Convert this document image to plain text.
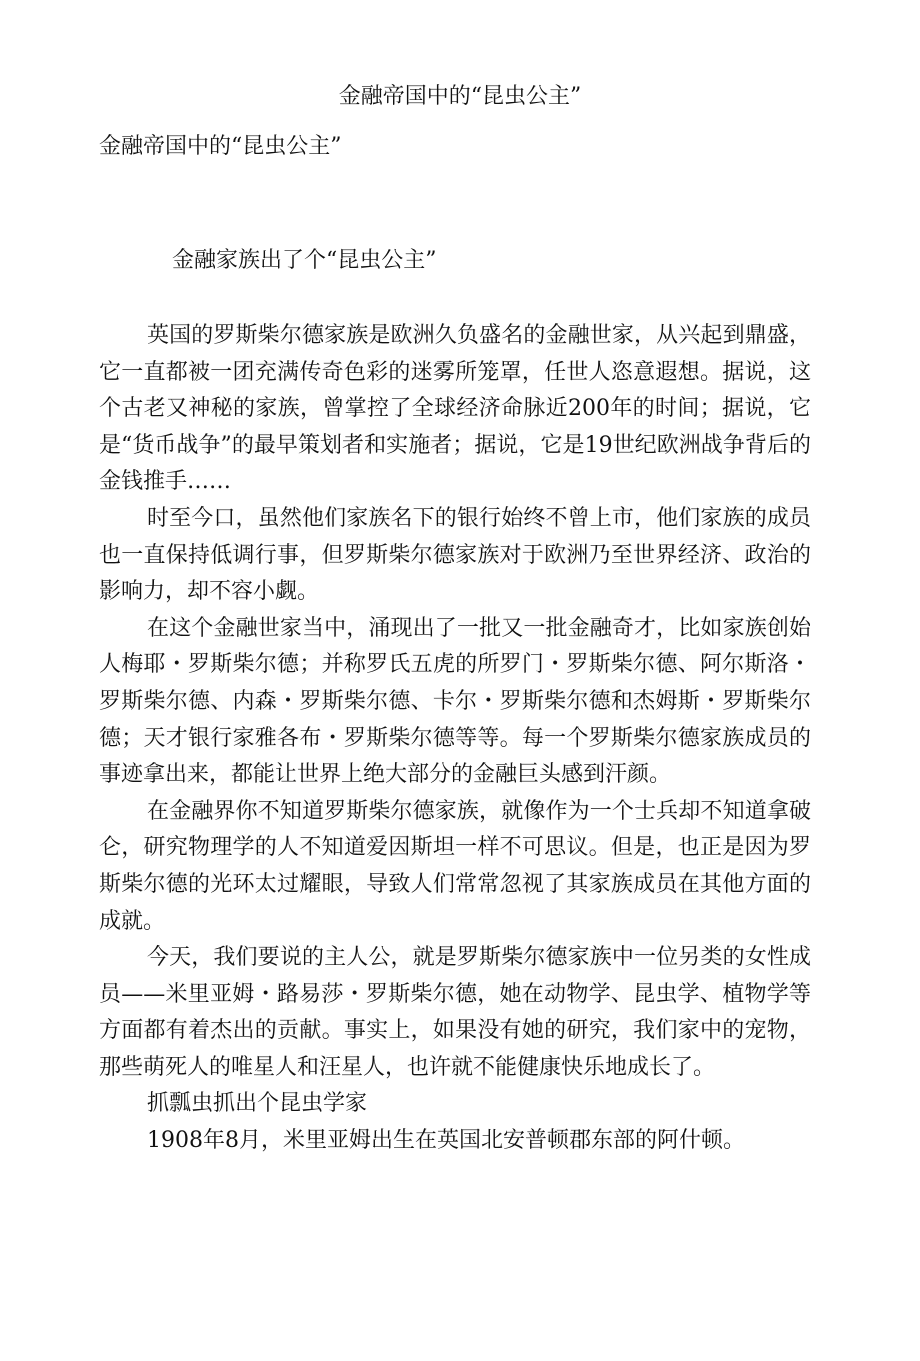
金融帝国中的“昆虫公主”
金融帝国中的“昆虫公主”
金融家族出了个“昆虫公主”

英国的罗斯柴尔德家族是欧洲久负盛名的金融世家，从兴起到鼎盛，它一直都被一团充满传奇色彩的迷雾所笼罩，任世人恣意遐想。据说，这个古老又神秘的家族，曾掌控了全球经济命脉近200年的时间；据说，它是“货币战争”的最早策划者和实施者；据说，它是19世纪欧洲战争背后的金钱推手……

时至今口，虽然他们家族名下的银行始终不曾上市，他们家族的成员也一直保持低调行事，但罗斯柴尔德家族对于欧洲乃至世界经济、政治的影响力，却不容小觑。

在这个金融世家当中，涌现出了一批又一批金融奇才，比如家族创始人梅耶・罗斯柴尔德；并称罗氏五虎的所罗门・罗斯柴尔德、阿尔斯洛・罗斯柴尔德、内森・罗斯柴尔德、卡尔・罗斯柴尔德和杰姆斯・罗斯柴尔德；天才银行家雅各布・罗斯柴尔德等等。每一个罗斯柴尔德家族成员的事迹拿出来，都能让世界上绝大部分的金融巨头感到汗颜。

在金融界你不知道罗斯柴尔德家族，就像作为一个士兵却不知道拿破仑，研究物理学的人不知道爱因斯坦一样不可思议。但是，也正是因为罗斯柴尔德的光环太过耀眼，导致人们常常忽视了其家族成员在其他方面的成就。

今天，我们要说的主人公，就是罗斯柴尔德家族中一位另类的女性成员——米里亚姆・路易莎・罗斯柴尔德，她在动物学、昆虫学、植物学等方面都有着杰出的贡献。事实上，如果没有她的研究，我们家中的宠物，那些萌死人的唯星人和汪星人，也许就不能健康快乐地成长了。

抓瓢虫抓出个昆虫学家

1908年8月，米里亚姆出生在英国北安普顿郡东部的阿什顿。
